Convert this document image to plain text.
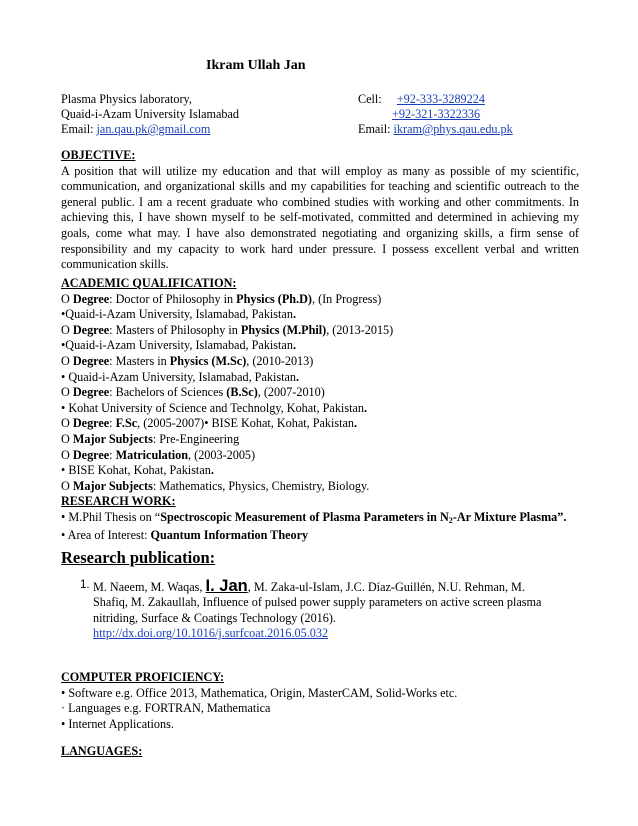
Ikram Ullah Jan
Plasma Physics laboratory,
Quaid-i-Azam University Islamabad
Email: jan.qau.pk@gmail.com
Cell: +92-333-3289224
+92-321-3322336
Email: ikram@phys.qau.edu.pk
OBJECTIVE:
A position that will utilize my education and that will employ as many as possible of my scientific, communication, and organizational skills and my capabilities for teaching and scientific outreach to the general public. I am a recent graduate who combined studies with working and other commitments. In achieving this, I have shown myself to be self-motivated, committed and determined in achieving my goals, come what may. I have also demonstrated negotiating and organizing skills, a firm sense of responsibility and my capacity to work hard under pressure. I possess excellent verbal and written communication skills.
ACADEMIC QUALIFICATION:
O Degree: Doctor of Philosophy in Physics (Ph.D), (In Progress)
•Quaid-i-Azam University, Islamabad, Pakistan.
O Degree: Masters of Philosophy in Physics (M.Phil), (2013-2015)
•Quaid-i-Azam University, Islamabad, Pakistan.
O Degree: Masters in Physics (M.Sc), (2010-2013)
• Quaid-i-Azam University, Islamabad, Pakistan.
O Degree: Bachelors of Sciences (B.Sc), (2007-2010)
• Kohat University of Science and Technolgy, Kohat, Pakistan.
O Degree: F.Sc, (2005-2007)• BISE Kohat, Kohat, Pakistan.
O Major Subjects: Pre-Engineering
O Degree: Matriculation, (2003-2005)
• BISE Kohat, Kohat, Pakistan.
O Major Subjects: Mathematics, Physics, Chemistry, Biology.
RESEARCH WORK:
• M.Phil Thesis on “Spectroscopic Measurement of Plasma Parameters in N2-Ar Mixture Plasma”.
• Area of Interest: Quantum Information Theory
Research publication:
1. M. Naeem, M. Waqas, I. Jan, M. Zaka-ul-Islam, J.C. Díaz-Guillén, N.U. Rehman, M.
Shafiq, M. Zakaullah, Influence of pulsed power supply parameters on active screen plasma
nitriding, Surface & Coatings Technology (2016).
http://dx.doi.org/10.1016/j.surfcoat.2016.05.032
COMPUTER PROFICIENCY:
• Software e.g. Office 2013, Mathematica, Origin, MasterCAM, Solid-Works etc.
· Languages e.g. FORTRAN, Mathematica
• Internet Applications.
LANGUAGES:
